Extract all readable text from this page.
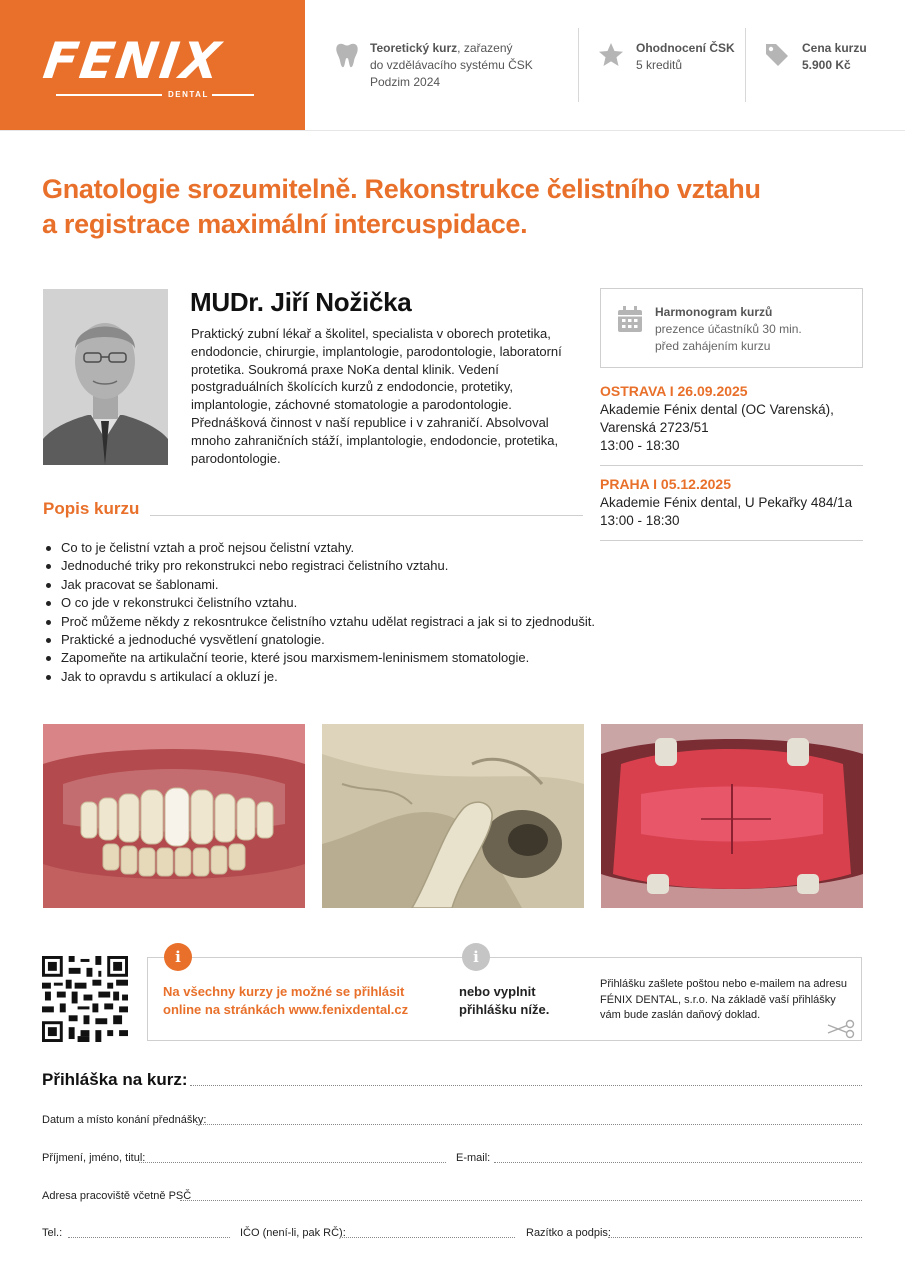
FENIX
DENTAL
Teoretický kurz, zařazený
do vzdělávacího systému ČSK
Podzim 2024
Ohodnocení ČSK
5 kreditů
Cena kurzu
5.900 Kč
Gnatologie srozumitelně. Rekonstrukce čelistního vztahu
a registrace maximální intercuspidace.
MUDr. Jiří Nožička
Praktický zubní lékař a školitel, specialista v oborech protetika, endodoncie, chirurgie, implantologie, parodontologie, laboratorní protetika. Soukromá praxe NoKa dental klinik. Vedení postgraduálních školících kurzů z endodoncie, protetiky, implantologie, záchovné stomatologie a parodontologie. Přednášková činnost v naší republice i v zahraničí. Absolvoval mnoho zahraničních stáží, implantologie, endodoncie, protetika, parodontologie.
Harmonogram kurzů
prezence účastníků 30 min.
před zahájením kurzu
OSTRAVA I 26.09.2025
Akademie Fénix dental (OC Varenská),
Varenská 2723/51
13:00 - 18:30
PRAHA I 05.12.2025
Akademie Fénix dental, U Pekařky 484/1a
13:00 - 18:30
Popis kurzu
Co to je čelistní vztah a proč nejsou čelistní vztahy.
Jednoduché triky pro rekonstrukci nebo registraci čelistního vztahu.
Jak pracovat se šablonami.
O co jde v rekonstrukci čelistního vztahu.
Proč můžeme někdy z rekosntrukce čelistního vztahu udělat registraci a jak si to zjednodušit.
Praktické a jednoduché vysvětlení gnatologie.
Zapomeňte na artikulační teorie, které jsou marxismem-leninismem stomatologie.
Jak to opravdu s artikulací a okluzí je.
i	i
Na všechny kurzy je možné se přihlásit
online na stránkách www.fenixdental.cz
nebo vyplnit
přihlášku níže.
Přihlášku zašlete poštou nebo e-mailem na adresu FÉNIX DENTAL, s.r.o. Na základě vaší přihlášky vám bude zaslán daňový doklad.
Přihláška na kurz:
Datum a místo konání přednášky:
Příjmení, jméno, titul:	E-mail:
Adresa pracoviště včetně PSČ
Tel.:	IČO (není-li, pak RČ):	Razítko a podpis:
